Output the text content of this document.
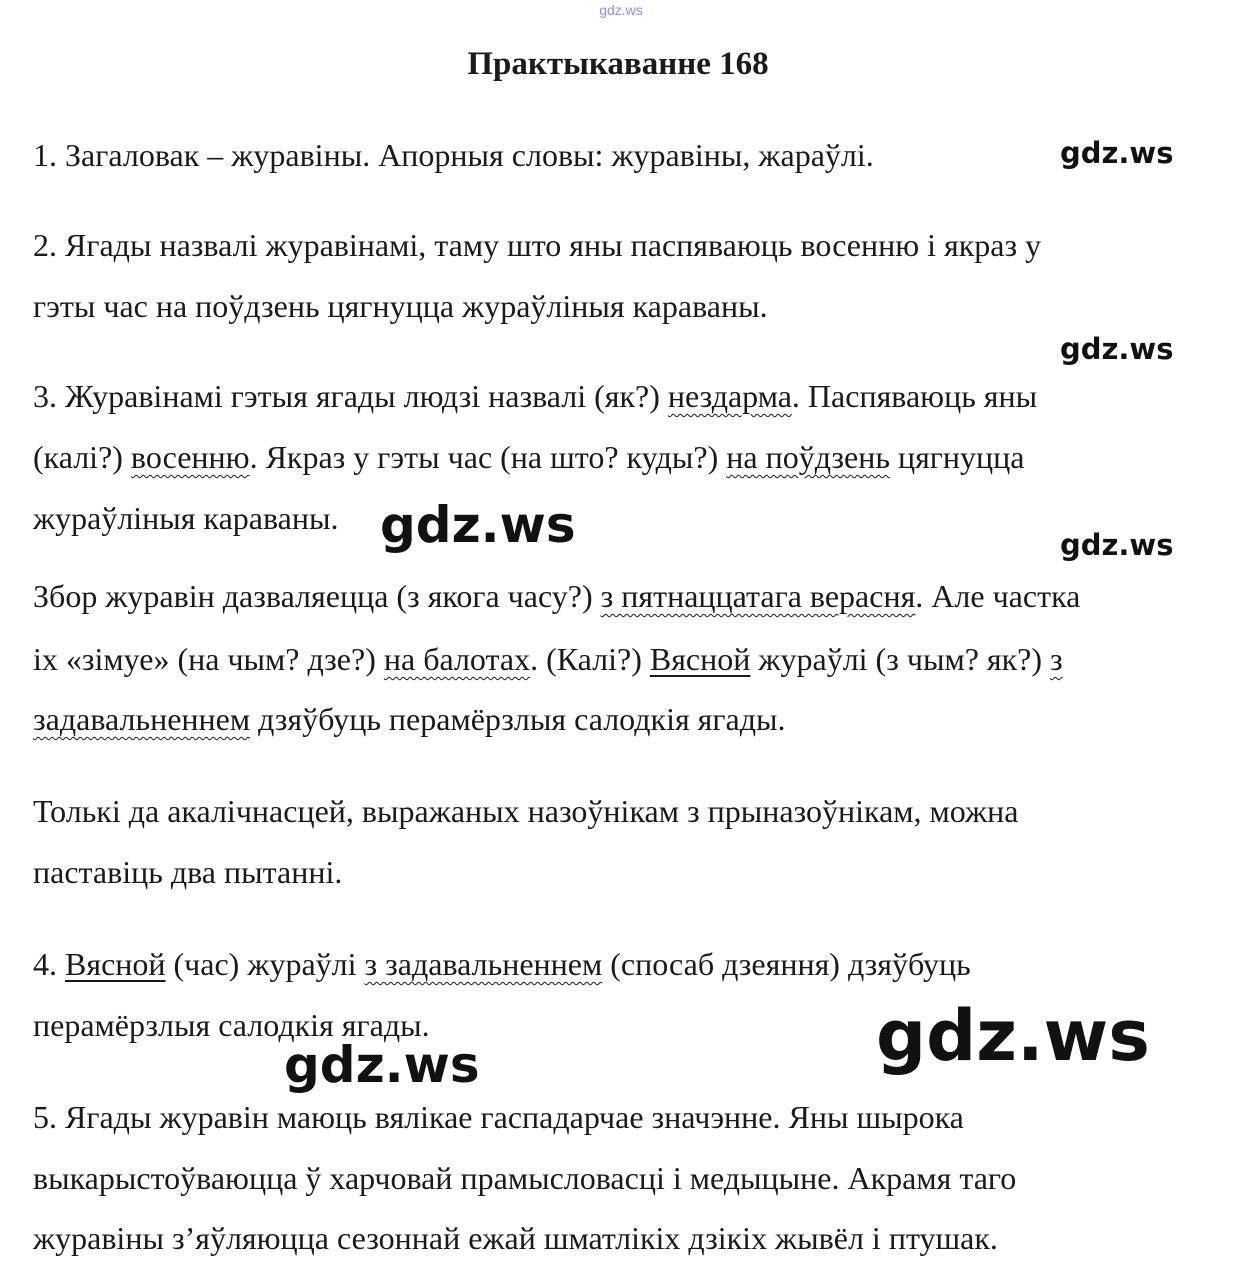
gdz.ws
Практыкаванне 168
1. Загаловак – журавіны. Апорныя словы: журавіны, жараўлі.
2. Ягады назвалі журавінамі, таму што яны паспяваюць восенню і якраз у
гэты час на поўдзень цягнуцца жураўліныя караваны.
3. Журавінамі гэтыя ягады людзі назвалі (як?) нездарма. Паспяваюць яны
(калі?) восенню. Якраз у гэты час (на што? куды?) на поўдзень цягнуцца
жураўліныя караваны.
Збор журавін дазваляецца (з якога часу?) з пятнаццатага верасня. Але частка
іх «зімуе» (на чым? дзе?) на балотах. (Калі?) Вясной жураўлі (з чым? як?) з
задавальненнем дзяўбуць перамёрзлыя салодкія ягады.
Толькі да акалічнасцей, выражаных назоўнікам з прыназоўнікам, можна
паставіць два пытанні.
4. Вясной (час) жураўлі з задавальненнем (спосаб дзеяння) дзяўбуць
перамёрзлыя салодкія ягады.
5. Ягады журавін маюць вялікае гаспадарчае значэнне. Яны шырока
выкарыстоўваюцца ў харчовай прамысловасці і медыцыне. Акрамя таго
журавіны з’яўляюцца сезоннай ежай шматлікіх дзікіх жывёл і птушак.
gdz.ws
gdz.ws
gdz.ws	gdz.ws
gdz.ws
gdz.ws
